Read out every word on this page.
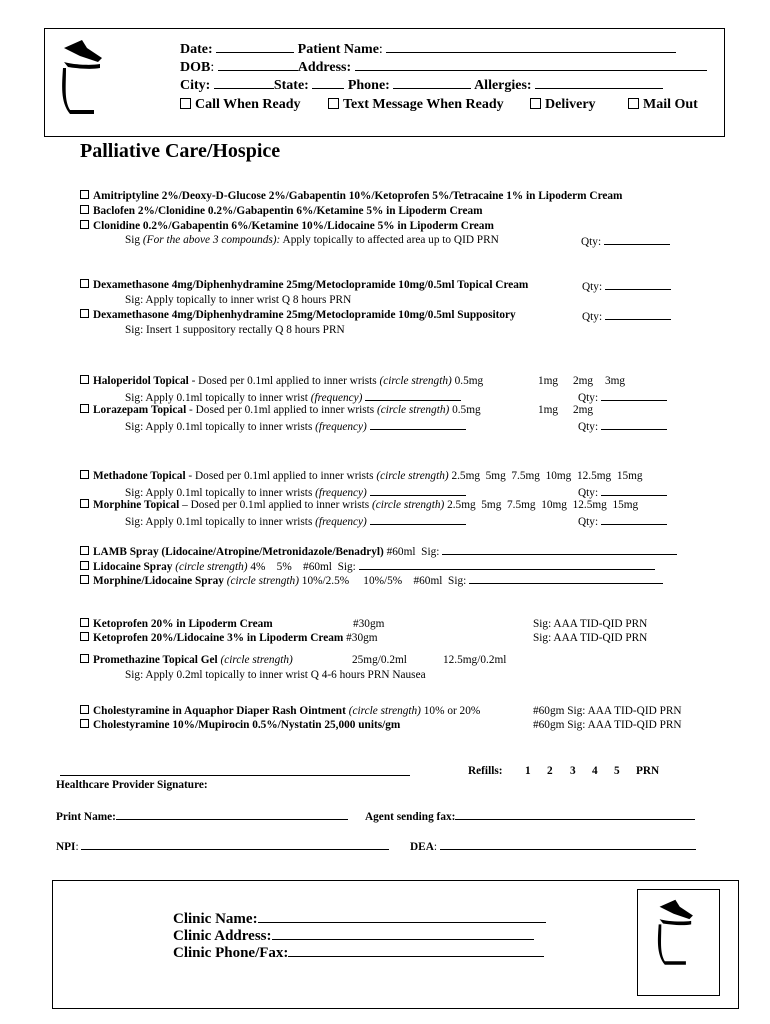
Date:	Patient Name:
DOB:	Address:
City:	State:	Phone:	Allergies:
Call When Ready	Text Message When Ready	Delivery	Mail Out
Palliative Care/Hospice
Amitriptyline 2%/Deoxy-D-Glucose 2%/Gabapentin 10%/Ketoprofen 5%/Tetracaine 1% in Lipoderm Cream
Baclofen 2%/Clonidine 0.2%/Gabapentin 6%/Ketamine 5% in Lipoderm Cream
Clonidine 0.2%/Gabapentin 6%/Ketamine 10%/Lidocaine 5% in Lipoderm Cream
Sig (For the above 3 compounds): Apply topically to affected area up to QID PRN	Qty:
Dexamethasone 4mg/Diphenhydramine 25mg/Metoclopramide 10mg/0.5ml Topical Cream	Qty:
Sig: Apply topically to inner wrist Q 8 hours PRN
Dexamethasone 4mg/Diphenhydramine 25mg/Metoclopramide 10mg/0.5ml Suppository	Qty:
Sig: Insert 1 suppository rectally Q 8 hours PRN
Haloperidol Topical - Dosed per 0.1ml applied to inner wrists (circle strength) 0.5mg	1mg 2mg 3mg
Sig: Apply 0.1ml topically to inner wrist (frequency)	Qty:
Lorazepam Topical - Dosed per 0.1ml applied to inner wrists (circle strength) 0.5mg	1mg 2mg
Sig: Apply 0.1ml topically to inner wrists (frequency)	Qty:
Methadone Topical - Dosed per 0.1ml applied to inner wrists (circle strength) 2.5mg  5mg  7.5mg  10mg  12.5mg  15mg
Sig: Apply 0.1ml topically to inner wrists (frequency)	Qty:
Morphine Topical – Dosed per 0.1ml applied to inner wrists (circle strength) 2.5mg  5mg  7.5mg  10mg  12.5mg  15mg
Sig: Apply 0.1ml topically to inner wrists (frequency)	Qty:
LAMB Spray (Lidocaine/Atropine/Metronidazole/Benadryl) #60ml Sig:
Lidocaine Spray (circle strength) 4%    5%    #60ml Sig:
Morphine/Lidocaine Spray (circle strength) 10%/2.5%     10%/5%    #60ml Sig:
Ketoprofen 20% in Lipoderm Cream	#30gm	Sig: AAA TID-QID PRN
Ketoprofen 20%/Lidocaine 3% in Lipoderm Cream #30gm	Sig: AAA TID-QID PRN
Promethazine Topical Gel (circle strength)	25mg/0.2ml	12.5mg/0.2ml
Sig: Apply 0.2ml topically to inner wrist Q 4-6 hours PRN Nausea
Cholestyramine in Aquaphor Diaper Rash Ointment (circle strength) 10% or 20%	#60gm Sig: AAA TID-QID PRN
Cholestyramine 10%/Mupirocin 0.5%/Nystatin 25,000 units/gm	#60gm Sig: AAA TID-QID PRN
Healthcare Provider Signature:
Refills: 1 2 3 4 5 PRN
Print Name:	Agent sending fax:
NPI:	DEA:
Clinic Name:
Clinic Address:
Clinic Phone/Fax:
